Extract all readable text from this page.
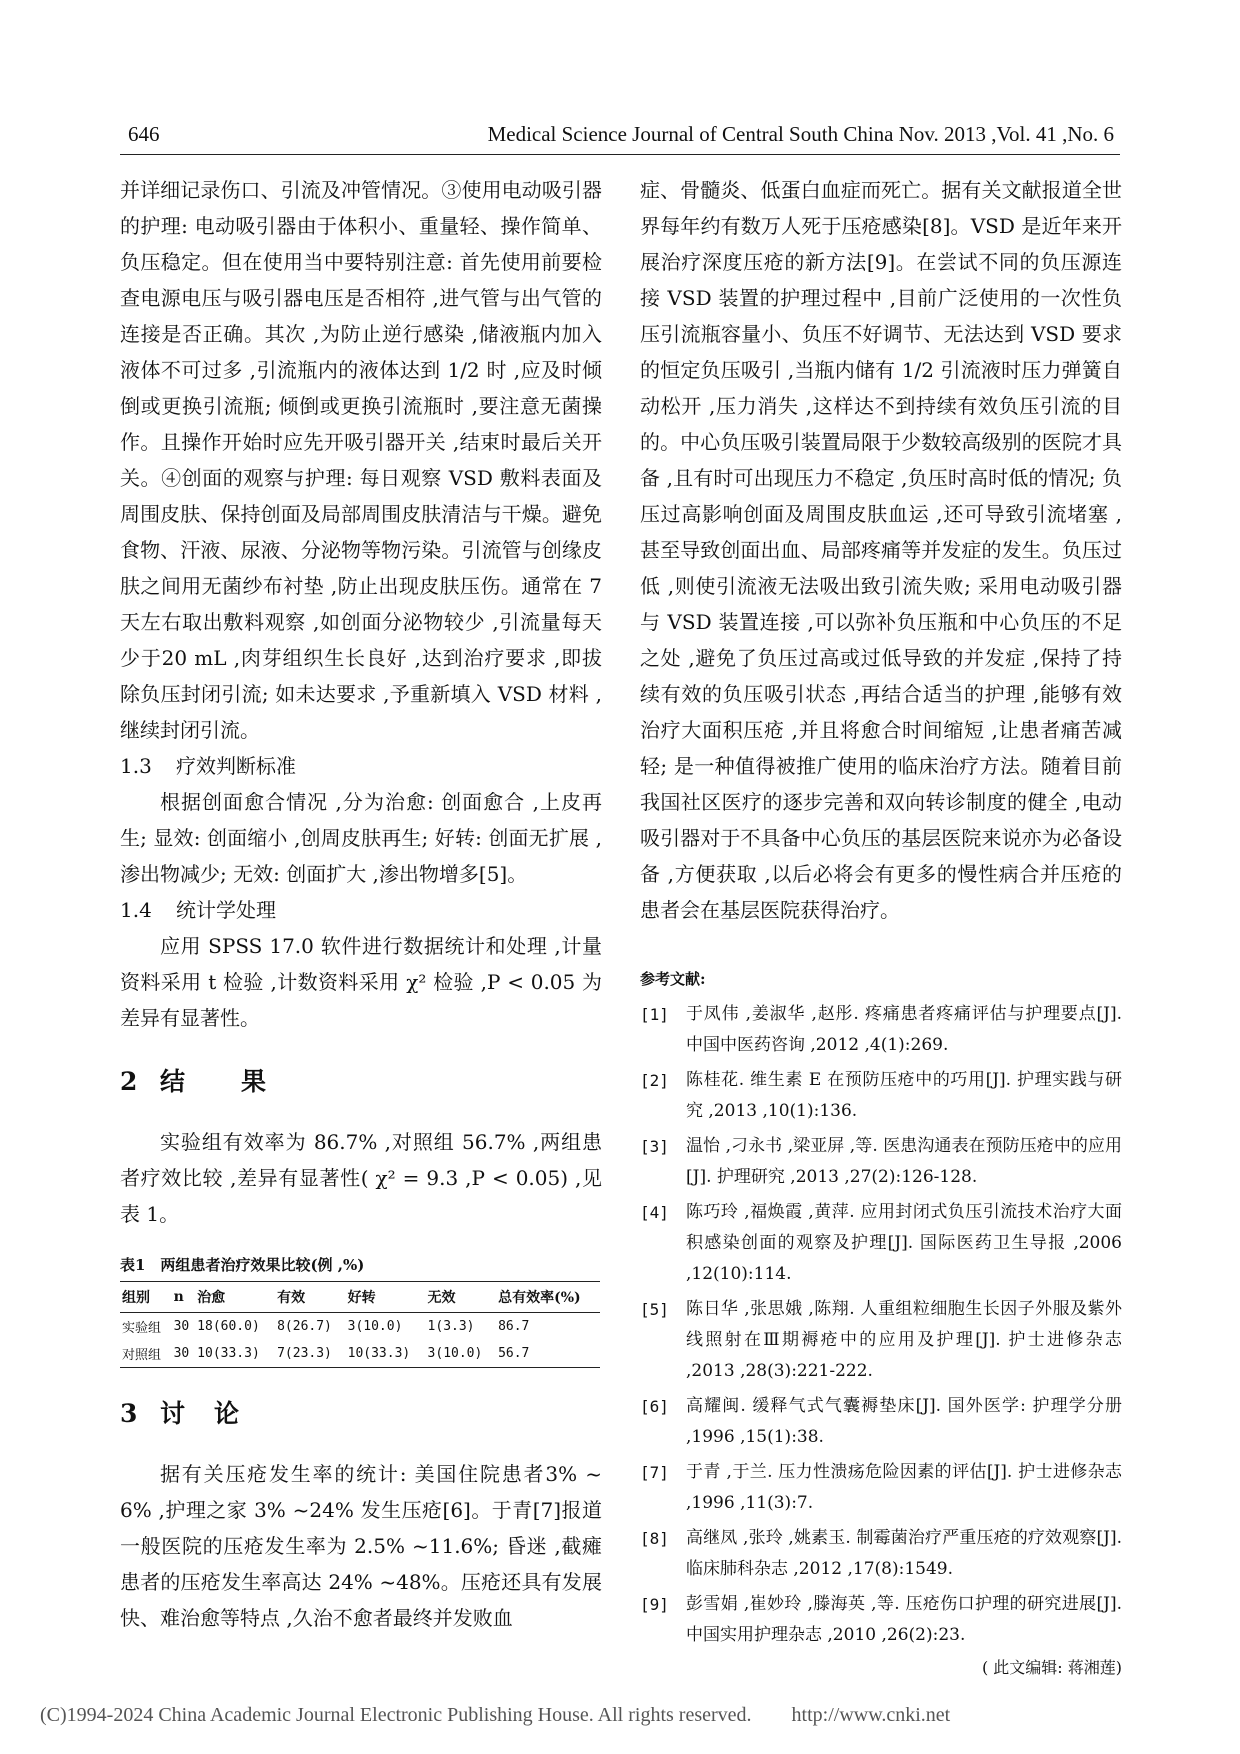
646	Medical Science Journal of Central South China Nov. 2013 ,Vol. 41 ,No. 6

并详细记录伤口、引流及冲管情况。③使用电动吸引器的护理: 电动吸引器由于体积小、重量轻、操作简单、负压稳定。但在使用当中要特别注意: 首先使用前要检查电源电压与吸引器电压是否相符 ,进气管与出气管的连接是否正确。其次 ,为防止逆行感染 ,储液瓶内加入液体不可过多 ,引流瓶内的液体达到 1/2 时 ,应及时倾倒或更换引流瓶; 倾倒或更换引流瓶时 ,要注意无菌操作。且操作开始时应先开吸引器开关 ,结束时最后关开关。④创面的观察与护理: 每日观察 VSD 敷料表面及周围皮肤、保持创面及局部周围皮肤清洁与干燥。避免食物、汗液、尿液、分泌物等物污染。引流管与创缘皮肤之间用无菌纱布衬垫 ,防止出现皮肤压伤。通常在 7 天左右取出敷料观察 ,如创面分泌物较少 ,引流量每天少于20 mL ,肉芽组织生长良好 ,达到治疗要求 ,即拔除负压封闭引流; 如未达要求 ,予重新填入 VSD 材料 ,继续封闭引流。

1.3 疗效判断标准

根据创面愈合情况 ,分为治愈: 创面愈合 ,上皮再生; 显效: 创面缩小 ,创周皮肤再生; 好转: 创面无扩展 ,渗出物减少; 无效: 创面扩大 ,渗出物增多[5]。

1.4 统计学处理

应用 SPSS 17.0 软件进行数据统计和处理 ,计量资料采用 t 检验 ,计数资料采用 χ² 检验 ,P < 0.05 为差异有显著性。

2 结　　果

实验组有效率为 86.7% ,对照组 56.7% ,两组患者疗效比较 ,差异有显著性( χ² = 9.3 ,P < 0.05) ,见表 1。

表1　两组患者治疗效果比较(例 ,%)
组别	n	治愈	有效	好转	无效	总有效率(%)
实验组	30	18(60.0)	8(26.7)	3(10.0)	1(3.3)	86.7
对照组	30	10(33.3)	7(23.3)	10(33.3)	3(10.0)	56.7
3 讨　论

据有关压疮发生率的统计: 美国住院患者3% ~ 6% ,护理之家 3% ~24% 发生压疮[6]。于青[7]报道一般医院的压疮发生率为 2.5% ~11.6%; 昏迷 ,截瘫患者的压疮发生率高达 24% ~48%。压疮还具有发展快、难治愈等特点 ,久治不愈者最终并发败血

症、骨髓炎、低蛋白血症而死亡。据有关文献报道全世界每年约有数万人死于压疮感染[8]。VSD 是近年来开展治疗深度压疮的新方法[9]。在尝试不同的负压源连接 VSD 装置的护理过程中 ,目前广泛使用的一次性负压引流瓶容量小、负压不好调节、无法达到 VSD 要求的恒定负压吸引 ,当瓶内储有 1/2 引流液时压力弹簧自动松开 ,压力消失 ,这样达不到持续有效负压引流的目的。中心负压吸引装置局限于少数较高级别的医院才具备 ,且有时可出现压力不稳定 ,负压时高时低的情况; 负压过高影响创面及周围皮肤血运 ,还可导致引流堵塞 ,甚至导致创面出血、局部疼痛等并发症的发生。负压过低 ,则使引流液无法吸出致引流失败; 采用电动吸引器与 VSD 装置连接 ,可以弥补负压瓶和中心负压的不足之处 ,避免了负压过高或过低导致的并发症 ,保持了持续有效的负压吸引状态 ,再结合适当的护理 ,能够有效治疗大面积压疮 ,并且将愈合时间缩短 ,让患者痛苦减轻; 是一种值得被推广使用的临床治疗方法。随着目前我国社区医疗的逐步完善和双向转诊制度的健全 ,电动吸引器对于不具备中心负压的基层医院来说亦为必备设备 ,方便获取 ,以后必将会有更多的慢性病合并压疮的患者会在基层医院获得治疗。

参考文献:
[1]	于凤伟 ,姜淑华 ,赵彤. 疼痛患者疼痛评估与护理要点[J]. 中国中医药咨询 ,2012 ,4(1):269.
[2]	陈桂花. 维生素 E 在预防压疮中的巧用[J]. 护理实践与研究 ,2013 ,10(1):136.
[3]	温怡 ,刁永书 ,梁亚屏 ,等. 医患沟通表在预防压疮中的应用[J]. 护理研究 ,2013 ,27(2):126-128.
[4]	陈巧玲 ,福焕霞 ,黄萍. 应用封闭式负压引流技术治疗大面积感染创面的观察及护理[J]. 国际医药卫生导报 ,2006 ,12(10):114.
[5]	陈日华 ,张思娥 ,陈翔. 人重组粒细胞生长因子外服及紫外线照射在Ⅲ期褥疮中的应用及护理[J]. 护士进修杂志 ,2013 ,28(3):221-222.
[6]	高耀闽. 缓释气式气囊褥垫床[J]. 国外医学: 护理学分册 ,1996 ,15(1):38.
[7]	于青 ,于兰. 压力性溃疡危险因素的评估[J]. 护士进修杂志 ,1996 ,11(3):7.
[8]	高继凤 ,张玲 ,姚素玉. 制霉菌治疗严重压疮的疗效观察[J]. 临床肺科杂志 ,2012 ,17(8):1549.
[9]	彭雪娟 ,崔妙玲 ,滕海英 ,等. 压疮伤口护理的研究进展[J]. 中国实用护理杂志 ,2010 ,26(2):23.
( 此文编辑: 蒋湘莲)
(C)1994-2024 China Academic Journal Electronic Publishing House. All rights reserved.　　http://www.cnki.net
